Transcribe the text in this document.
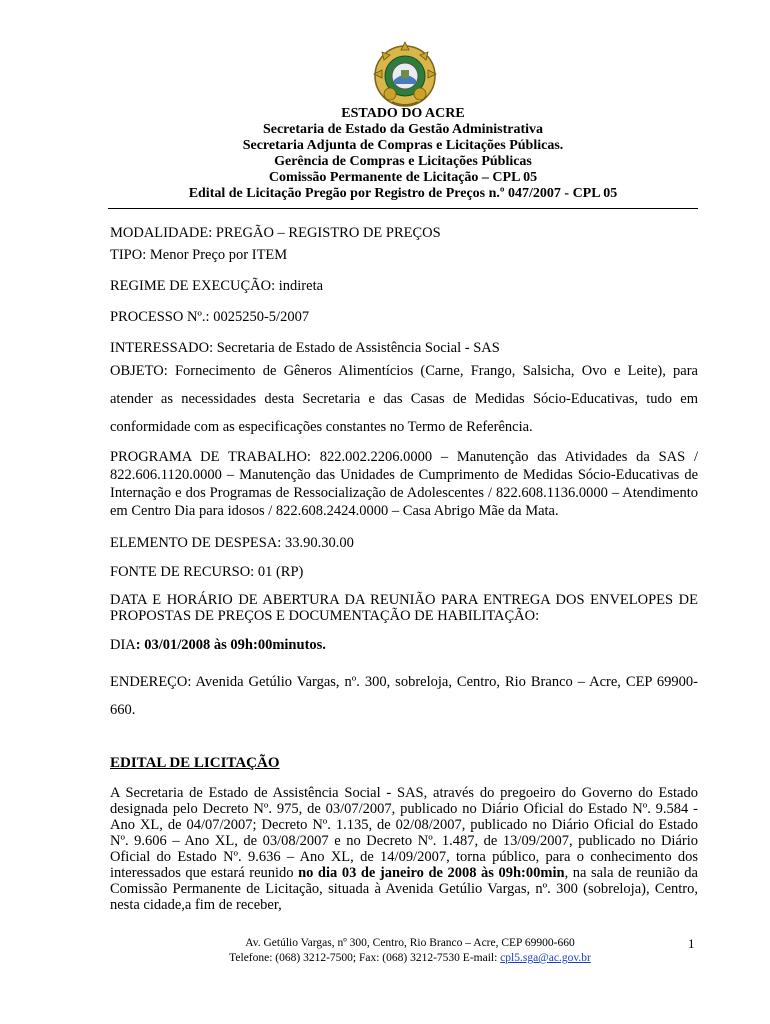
ESTADO DO ACRE
Secretaria de Estado da Gestão Administrativa
Secretaria Adjunta de Compras e Licitações Públicas.
Gerência de Compras e Licitações Públicas
Comissão Permanente de Licitação – CPL 05
Edital de Licitação Pregão por Registro de Preços n.º 047/2007 - CPL 05

MODALIDADE: PREGÃO – REGISTRO DE PREÇOS

TIPO: Menor Preço por ITEM

REGIME DE EXECUÇÃO: indireta

PROCESSO Nº.: 0025250-5/2007

INTERESSADO: Secretaria de Estado de Assistência Social - SAS

OBJETO: Fornecimento de Gêneros Alimentícios (Carne, Frango, Salsicha, Ovo e Leite), para atender as necessidades desta Secretaria e das Casas de Medidas Sócio-Educativas, tudo em conformidade com as especificações constantes no Termo de Referência.

PROGRAMA DE TRABALHO: 822.002.2206.0000 – Manutenção das Atividades da SAS / 822.606.1120.0000 – Manutenção das Unidades de Cumprimento de Medidas Sócio-Educativas de Internação e dos Programas de Ressocialização de Adolescentes / 822.608.1136.0000 – Atendimento em Centro Dia para idosos / 822.608.2424.0000 – Casa Abrigo Mãe da Mata.

ELEMENTO DE DESPESA: 33.90.30.00

FONTE DE RECURSO: 01 (RP)

DATA E HORÁRIO DE ABERTURA DA REUNIÃO PARA ENTREGA DOS ENVELOPES DE PROPOSTAS DE PREÇOS E DOCUMENTAÇÃO DE HABILITAÇÃO:

DIA: 03/01/2008 às 09h:00minutos.

ENDEREÇO: Avenida Getúlio Vargas, nº. 300, sobreloja, Centro, Rio Branco – Acre, CEP 69900-660.

EDITAL DE LICITAÇÃO

A Secretaria de Estado de Assistência Social - SAS, através do pregoeiro do Governo do Estado designada pelo Decreto Nº. 975, de 03/07/2007, publicado no Diário Oficial do Estado Nº. 9.584 - Ano XL, de 04/07/2007; Decreto Nº. 1.135, de 02/08/2007, publicado no Diário Oficial do Estado Nº. 9.606 – Ano XL, de 03/08/2007 e no Decreto Nº. 1.487, de 13/09/2007, publicado no Diário Oficial do Estado Nº. 9.636 – Ano XL, de 14/09/2007, torna público, para o conhecimento dos interessados que estará reunido no dia 03 de janeiro de 2008 às 09h:00min, na sala de reunião da Comissão Permanente de Licitação, situada à Avenida Getúlio Vargas, nº. 300 (sobreloja), Centro, nesta cidade,a fim de receber,

Av. Getúlio Vargas, nº 300, Centro, Rio Branco – Acre, CEP 69900-660
Telefone: (068) 3212-7500; Fax: (068) 3212-7530 E-mail: cpl5.sga@ac.gov.br
1
